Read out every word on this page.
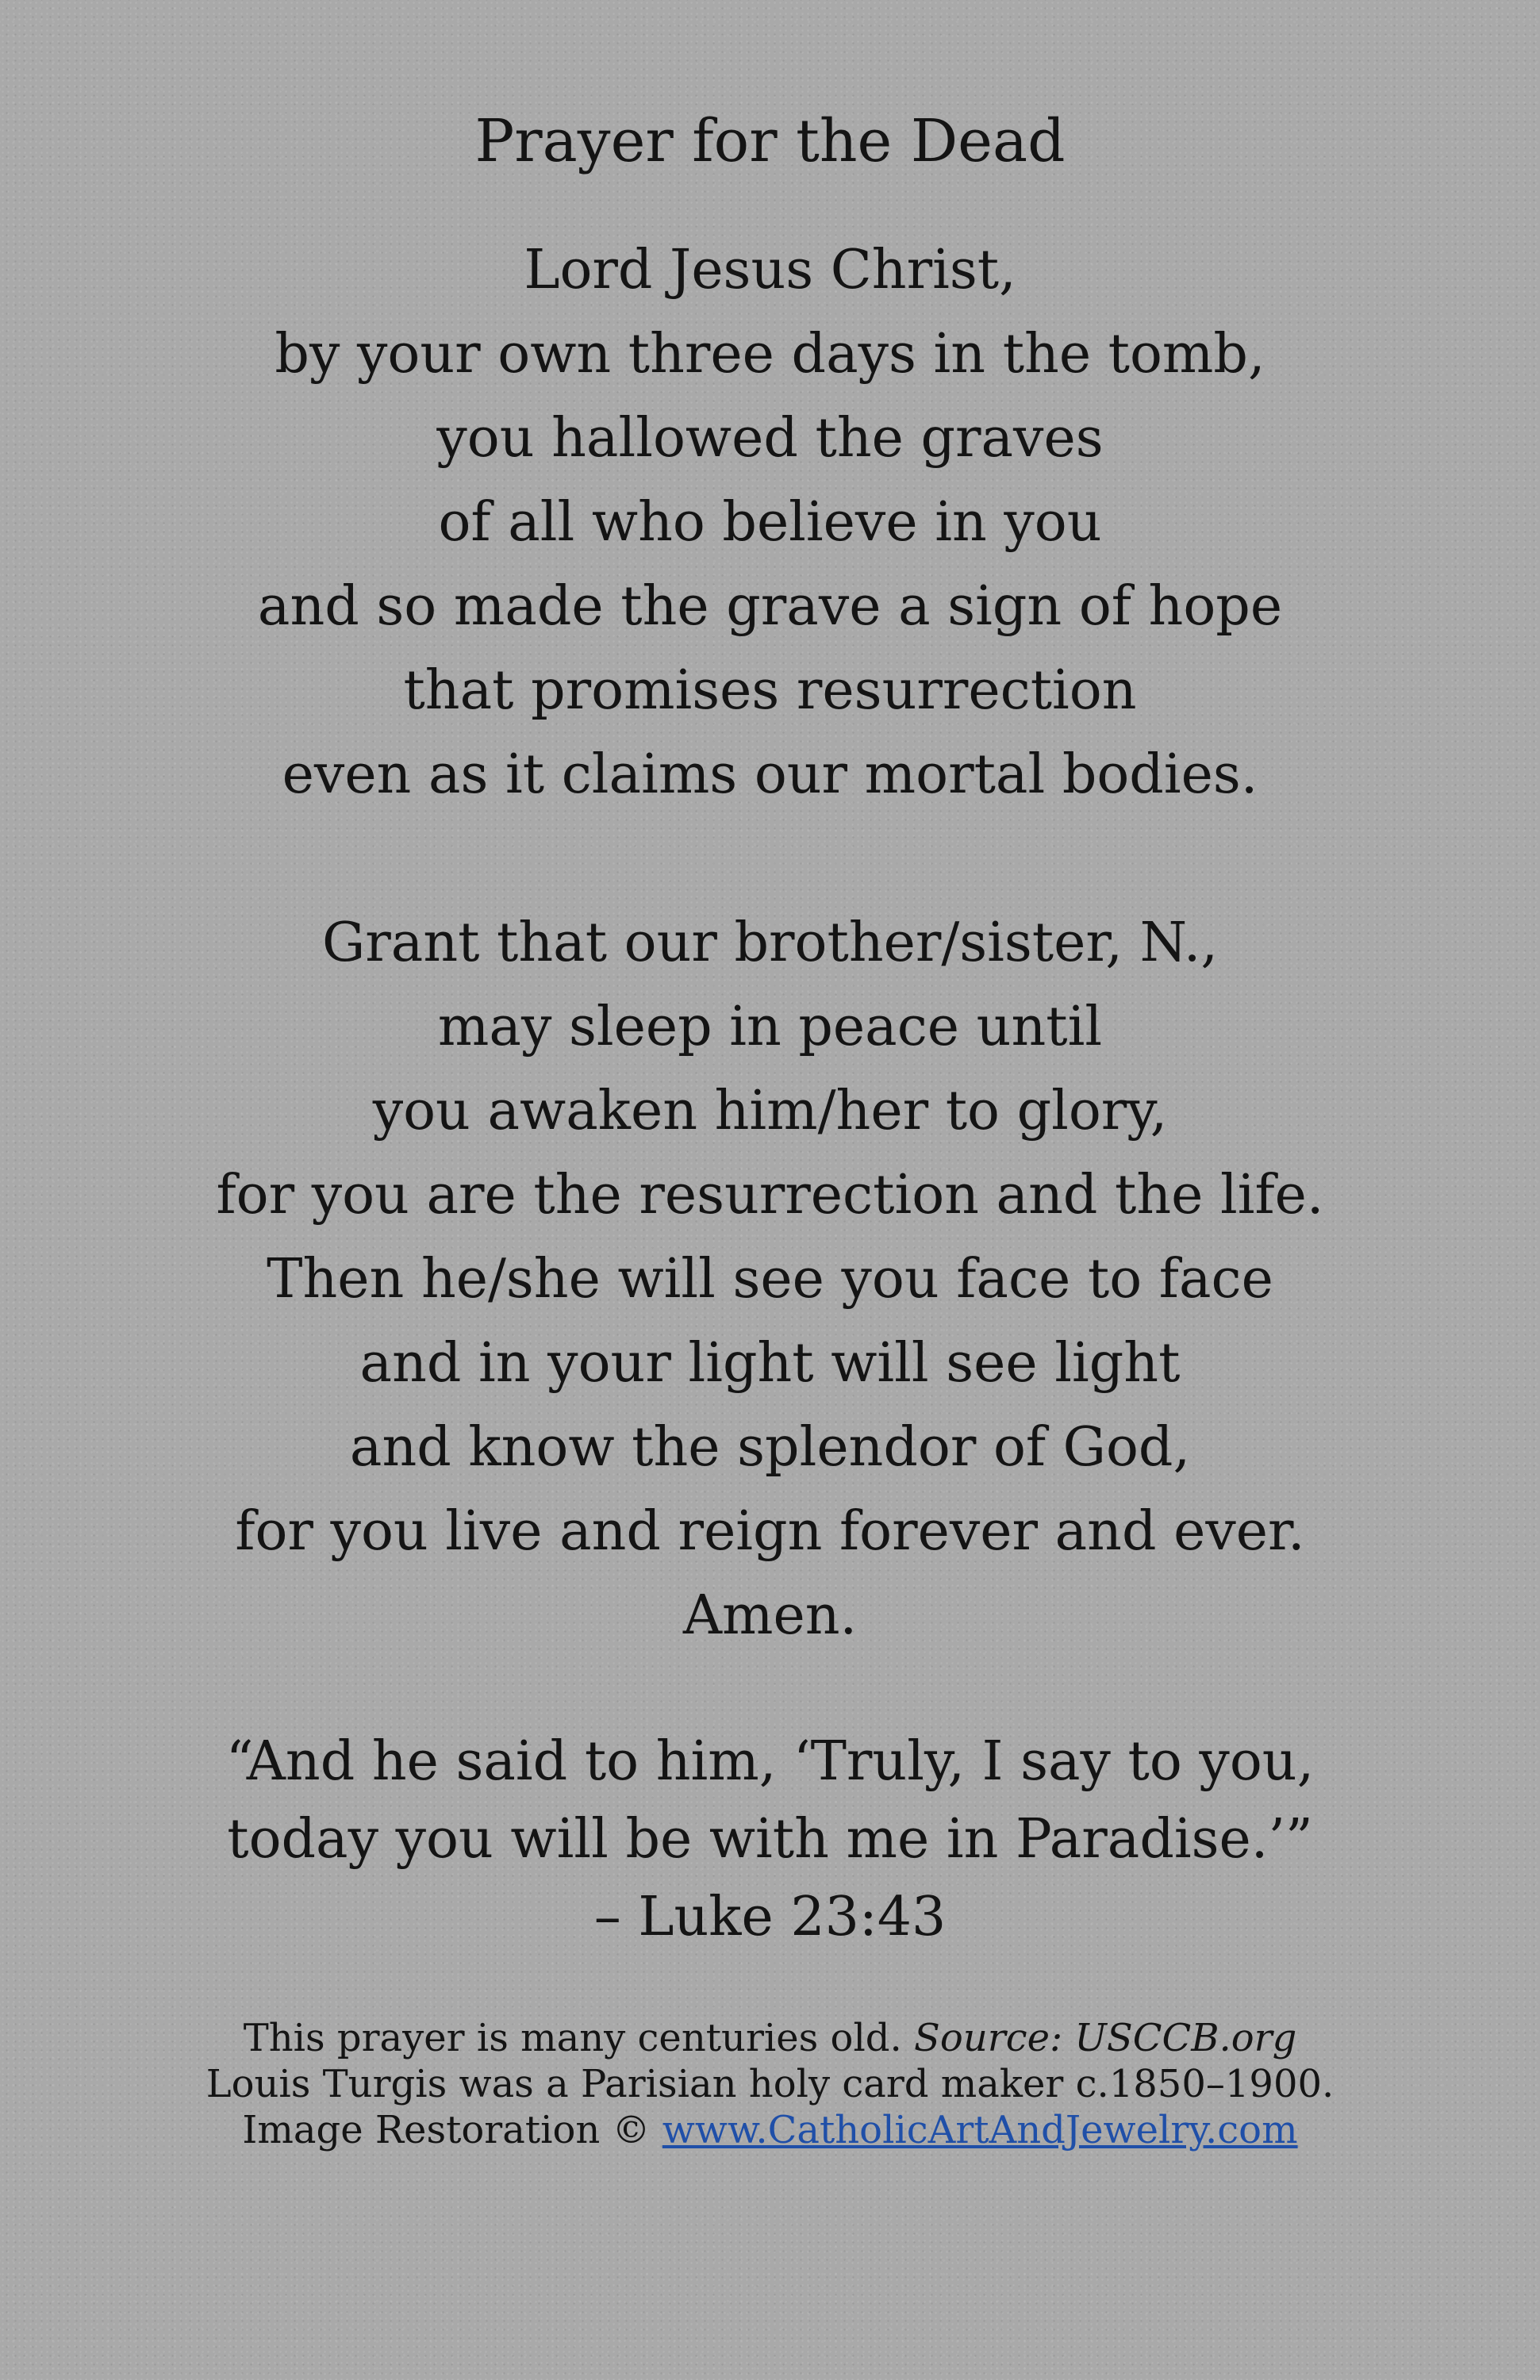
Prayer for the Dead
Lord Jesus Christ,
by your own three days in the tomb,
you hallowed the graves
of all who believe in you
and so made the grave a sign of hope
that promises resurrection
even as it claims our mortal bodies.
Grant that our brother/sister, N.,
may sleep in peace until
you awaken him/her to glory,
for you are the resurrection and the life.
Then he/she will see you face to face
and in your light will see light
and know the splendor of God,
for you live and reign forever and ever.
Amen.
“And he said to him, ‘Truly, I say to you,
today you will be with me in Paradise.’”
– Luke 23:43
This prayer is many centuries old. Source: USCCB.org
Louis Turgis was a Parisian holy card maker c.1850–1900.
Image Restoration © www.CatholicArtAndJewelry.com
